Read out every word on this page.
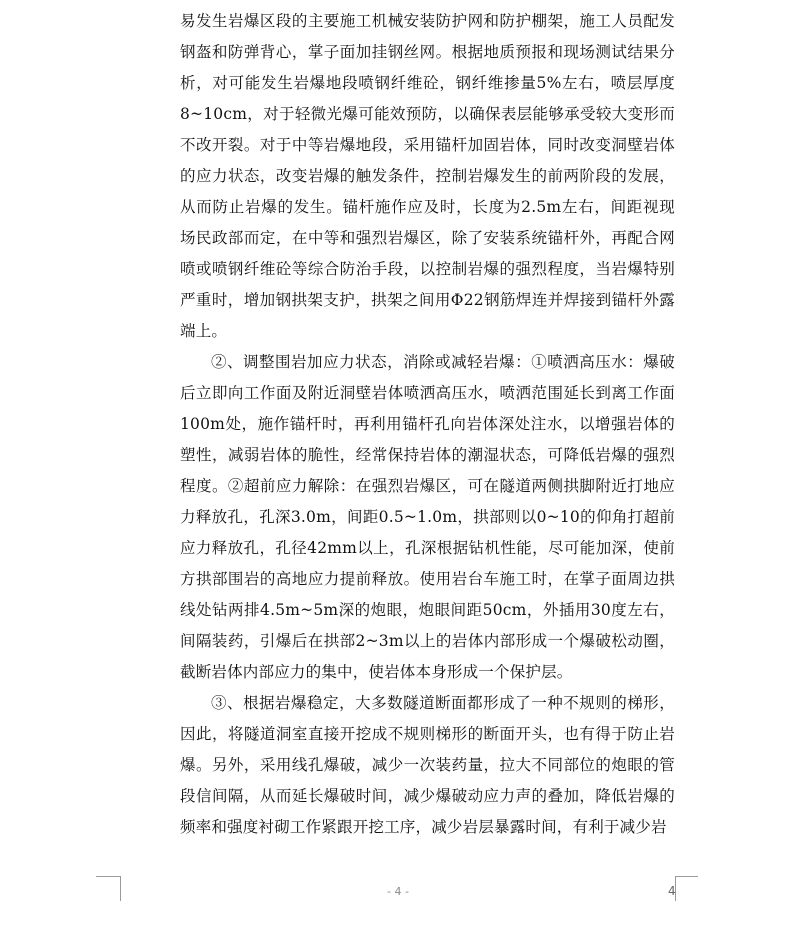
易发生岩爆区段的主要施工机械安装防护网和防护棚架，施工人员配发钢盔和防弹背心，掌子面加挂钢丝网。根据地质预报和现场测试结果分析，对可能发生岩爆地段喷钢纤维砼，钢纤维掺量5%左右，喷层厚度8~10cm，对于轻微光爆可能效预防，以确保表层能够承受较大变形而不改开裂。对于中等岩爆地段，采用锚杆加固岩体，同时改变洞壁岩体的应力状态，改变岩爆的触发条件，控制岩爆发生的前两阶段的发展，从而防止岩爆的发生。锚杆施作应及时，长度为2.5m左右，间距视现场民政部而定，在中等和强烈岩爆区，除了安装系统锚杆外，再配合网喷或喷钢纤维砼等综合防治手段，以控制岩爆的强烈程度，当岩爆特别严重时，增加钢拱架支护，拱架之间用Φ22钢筋焊连并焊接到锚杆外露端上。

②、调整围岩加应力状态，消除或减轻岩爆：①喷洒高压水：爆破后立即向工作面及附近洞壁岩体喷洒高压水，喷洒范围延长到离工作面100m处，施作锚杆时，再利用锚杆孔向岩体深处注水，以增强岩体的塑性，减弱岩体的脆性，经常保持岩体的潮湿状态，可降低岩爆的强烈程度。②超前应力解除：在强烈岩爆区，可在隧道两侧拱脚附近打地应力释放孔，孔深3.0m，间距0.5~1.0m，拱部则以0~10的仰角打超前应力释放孔，孔径42mm以上，孔深根据钻机性能，尽可能加深，使前方拱部围岩的高地应力提前释放。使用岩台车施工时，在掌子面周边拱线处钻两排4.5m~5m深的炮眼，炮眼间距50cm，外插用30度左右，间隔装药，引爆后在拱部2~3m以上的岩体内部形成一个爆破松动圈，截断岩体内部应力的集中，使岩体本身形成一个保护层。

③、根据岩爆稳定，大多数隧道断面都形成了一种不规则的梯形，因此，将隧道洞室直接开挖成不规则梯形的断面开头，也有得于防止岩爆。另外，采用线孔爆破，减少一次装药量，拉大不同部位的炮眼的管段信间隔，从而延长爆破时间，减少爆破动应力声的叠加，降低岩爆的频率和强度衬砌工作紧跟开挖工序，减少岩层暴露时间，有利于减少岩

- 4 -	4
